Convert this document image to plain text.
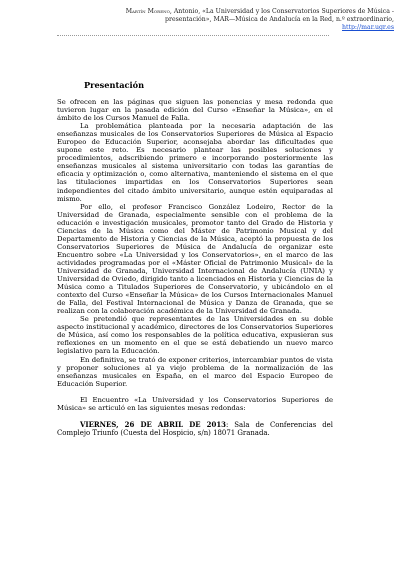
Martín Moreno, Antonio, «La Universidad y los Conservatorios Superiores de Música - presentación», MAR—Música de Andalucía en la Red, n.º extraordinario, http://mar.ugr.es
Presentación

Se ofrecen en las páginas que siguen las ponencias y mesa redonda que tuvieron lugar en la pasada edición del Curso «Enseñar la Música», en el ámbito de los Cursos Manuel de Falla.

La problemática planteada por la necesaria adaptación de las enseñanzas musicales de los Conservatorios Superiores de Música al Espacio Europeo de Educación Superior, aconsejaba abordar las dificultades que supone este reto. Es necesario plantear las posibles soluciones y procedimientos, adscribiendo primero e incorporando posteriormente las enseñanzas musicales al sistema universitario con todas las garantías de eficacia y optimización o, como alternativa, manteniendo el sistema en el que las titulaciones impartidas en los Conservatorios Superiores sean independientes del citado ámbito universitario, aunque estén equiparadas al mismo.

Por ello, el profesor Francisco González Lodeiro, Rector de la Universidad de Granada, especialmente sensible con el problema de la educación e investigación musicales, promotor tanto del Grado de Historia y Ciencias de la Música como del Máster de Patrimonio Musical y del Departamento de Historia y Ciencias de la Música, aceptó la propuesta de los Conservatorios Superiores de Música de Andalucía de organizar este Encuentro sobre «La Universidad y los Conservatorios», en el marco de las actividades programadas por el «Máster Oficial de Patrimonio Musical» de la Universidad de Granada, Universidad Internacional de Andalucía (UNIA) y Universidad de Oviedo, dirigido tanto a licenciados en Historia y Ciencias de la Música como a Titulados Superiores de Conservatorio, y ubicándolo en el contexto del Curso «Enseñar la Música» de los Cursos Internacionales Manuel de Falla, del Festival Internacional de Música y Danza de Granada, que se realizan con la colaboración académica de la Universidad de Granada.

Se pretendió que representantes de las Universidades en su doble aspecto institucional y académico, directores de los Conservatorios Superiores de Música, así como los responsables de la política educativa, expusieran sus reflexiones en un momento en el que se está debatiendo un nuevo marco legislativo para la Educación.

En definitiva, se trató de exponer criterios, intercambiar puntos de vista y proponer soluciones al ya viejo problema de la normalización de las enseñanzas musicales en España, en el marco del Espacio Europeo de Educación Superior.

El Encuentro «La Universidad y los Conservatorios Superiores de Música» se articuló en las siguientes mesas redondas:

VIERNES, 26 DE ABRIL DE 2013: Sala de Conferencias del Complejo Triunfo (Cuesta del Hospicio, s/n) 18071 Granada.
